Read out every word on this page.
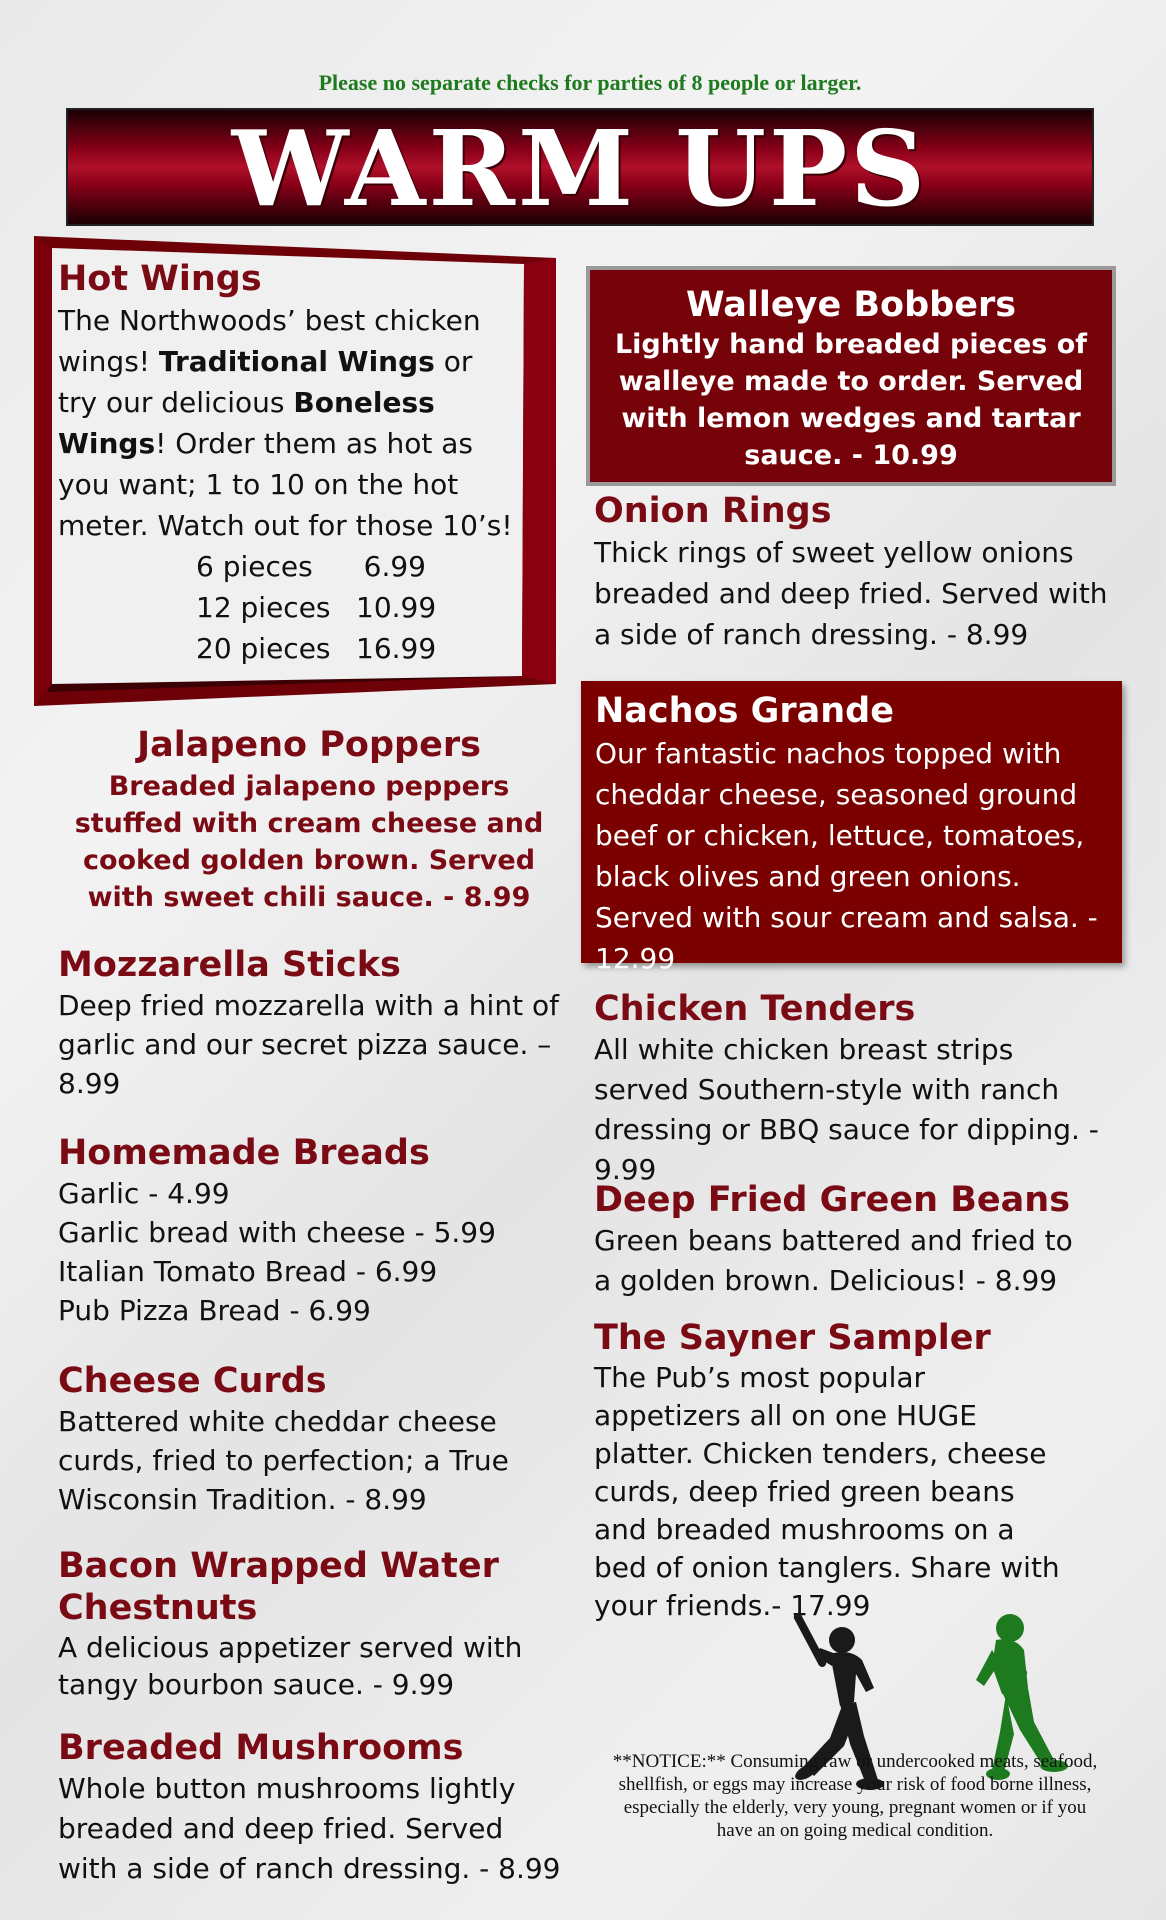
Please no separate checks for parties of 8 people or larger.
WARM UPS
Hot Wings
The Northwoods’ best chicken wings! Traditional Wings or try our delicious Boneless Wings! Order them as hot as you want; 1 to 10 on the hot meter. Watch out for those 10’s!
6 pieces	6.99
12 pieces 10.99
20 pieces 16.99
Walleye Bobbers
Lightly hand breaded pieces of walleye made to order. Served with lemon wedges and tartar sauce. - 10.99
Onion Rings
Thick rings of sweet yellow onions breaded and deep fried. Served with a side of ranch dressing. - 8.99
Nachos Grande
Our fantastic nachos topped with cheddar cheese, seasoned ground beef or chicken, lettuce, tomatoes, black olives and green onions. Served with sour cream and salsa. - 12.99
Jalapeno Poppers
Breaded jalapeno peppers stuffed with cream cheese and cooked golden brown. Served with sweet chili sauce. - 8.99
Mozzarella Sticks
Deep fried mozzarella with a hint of garlic and our secret pizza sauce. – 8.99
Homemade Breads
Garlic - 4.99
Garlic bread with cheese - 5.99
Italian Tomato Bread - 6.99
Pub Pizza Bread - 6.99
Cheese Curds
Battered white cheddar cheese curds, fried to perfection; a True Wisconsin Tradition. - 8.99
Bacon Wrapped Water Chestnuts
A delicious appetizer served with tangy bourbon sauce. - 9.99
Breaded Mushrooms
Whole button mushrooms lightly breaded and deep fried. Served with a side of ranch dressing. - 8.99
Chicken Tenders
All white chicken breast strips served Southern-style with ranch dressing or BBQ sauce for dipping. - 9.99
Deep Fried Green Beans
Green beans battered and fried to a golden brown. Delicious! - 8.99
The Sayner Sampler
The Pub’s most popular appetizers all on one HUGE platter. Chicken tenders, cheese curds, deep fried green beans and breaded mushrooms on a bed of onion tanglers. Share with your friends.- 17.99
**NOTICE:** Consuming raw or undercooked meats, seafood, shellfish, or eggs may increase your risk of food borne illness, especially the elderly, very young, pregnant women or if you have an on going medical condition.
